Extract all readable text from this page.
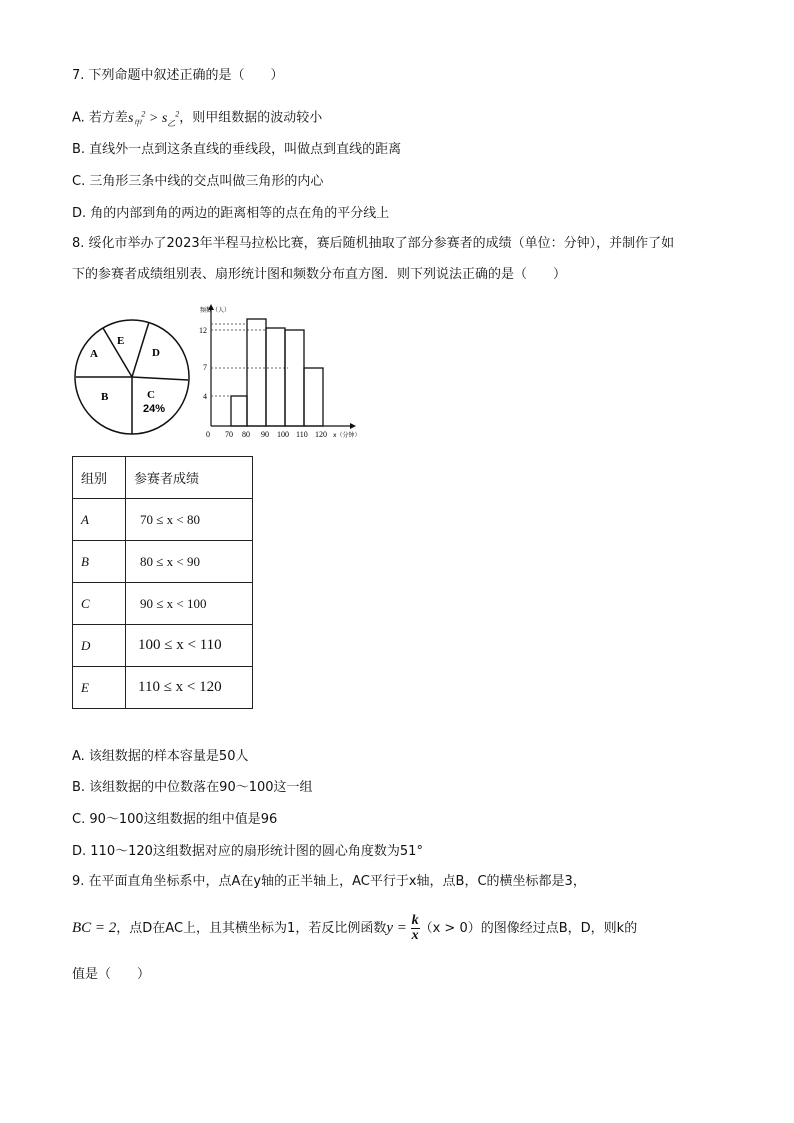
7. 下列命题中叙述正确的是（　　）
A. 若方差$s_甲^2 > s_乙^2$，则甲组数据的波动较小
B. 直线外一点到这条直线的垂线段，叫做点到直线的距离
C. 三角形三条中线的交点叫做三角形的内心
D. 角的内部到角的两边的距离相等的点在角的平分线上
8. 绥化市举办了2023年半程马拉松比赛，赛后随机抽取了部分参赛者的成绩（单位：分钟），并制作了如
下的参赛者成绩组别表、扇形统计图和频数分布直方图．则下列说法正确的是（　　）
A
B	C
24%
D
E
频数（人）
4
7
12
0 70 80 90 100 110 120 x（分钟）
组别	参赛者成绩
A	70 ≤ x < 80
B	80 ≤ x < 90
C	90 ≤ x < 100
D	100 ≤ x < 110
E	110 ≤ x < 120
A. 该组数据的样本容量是50人
B. 该组数据的中位数落在90～100这一组
C. 90～100这组数据的组中值是96
D. 110～120这组数据对应的扇形统计图的圆心角度数为51°
9. 在平面直角坐标系中，点A在y轴的正半轴上，AC平行于x轴，点B，C的横坐标都是3，
BC = 2，点D在AC上，且其横坐标为1，若反比例函数$y = \frac{k}{x} (x > 0)$的图像经过点B，D，则k的
值是（　　）
